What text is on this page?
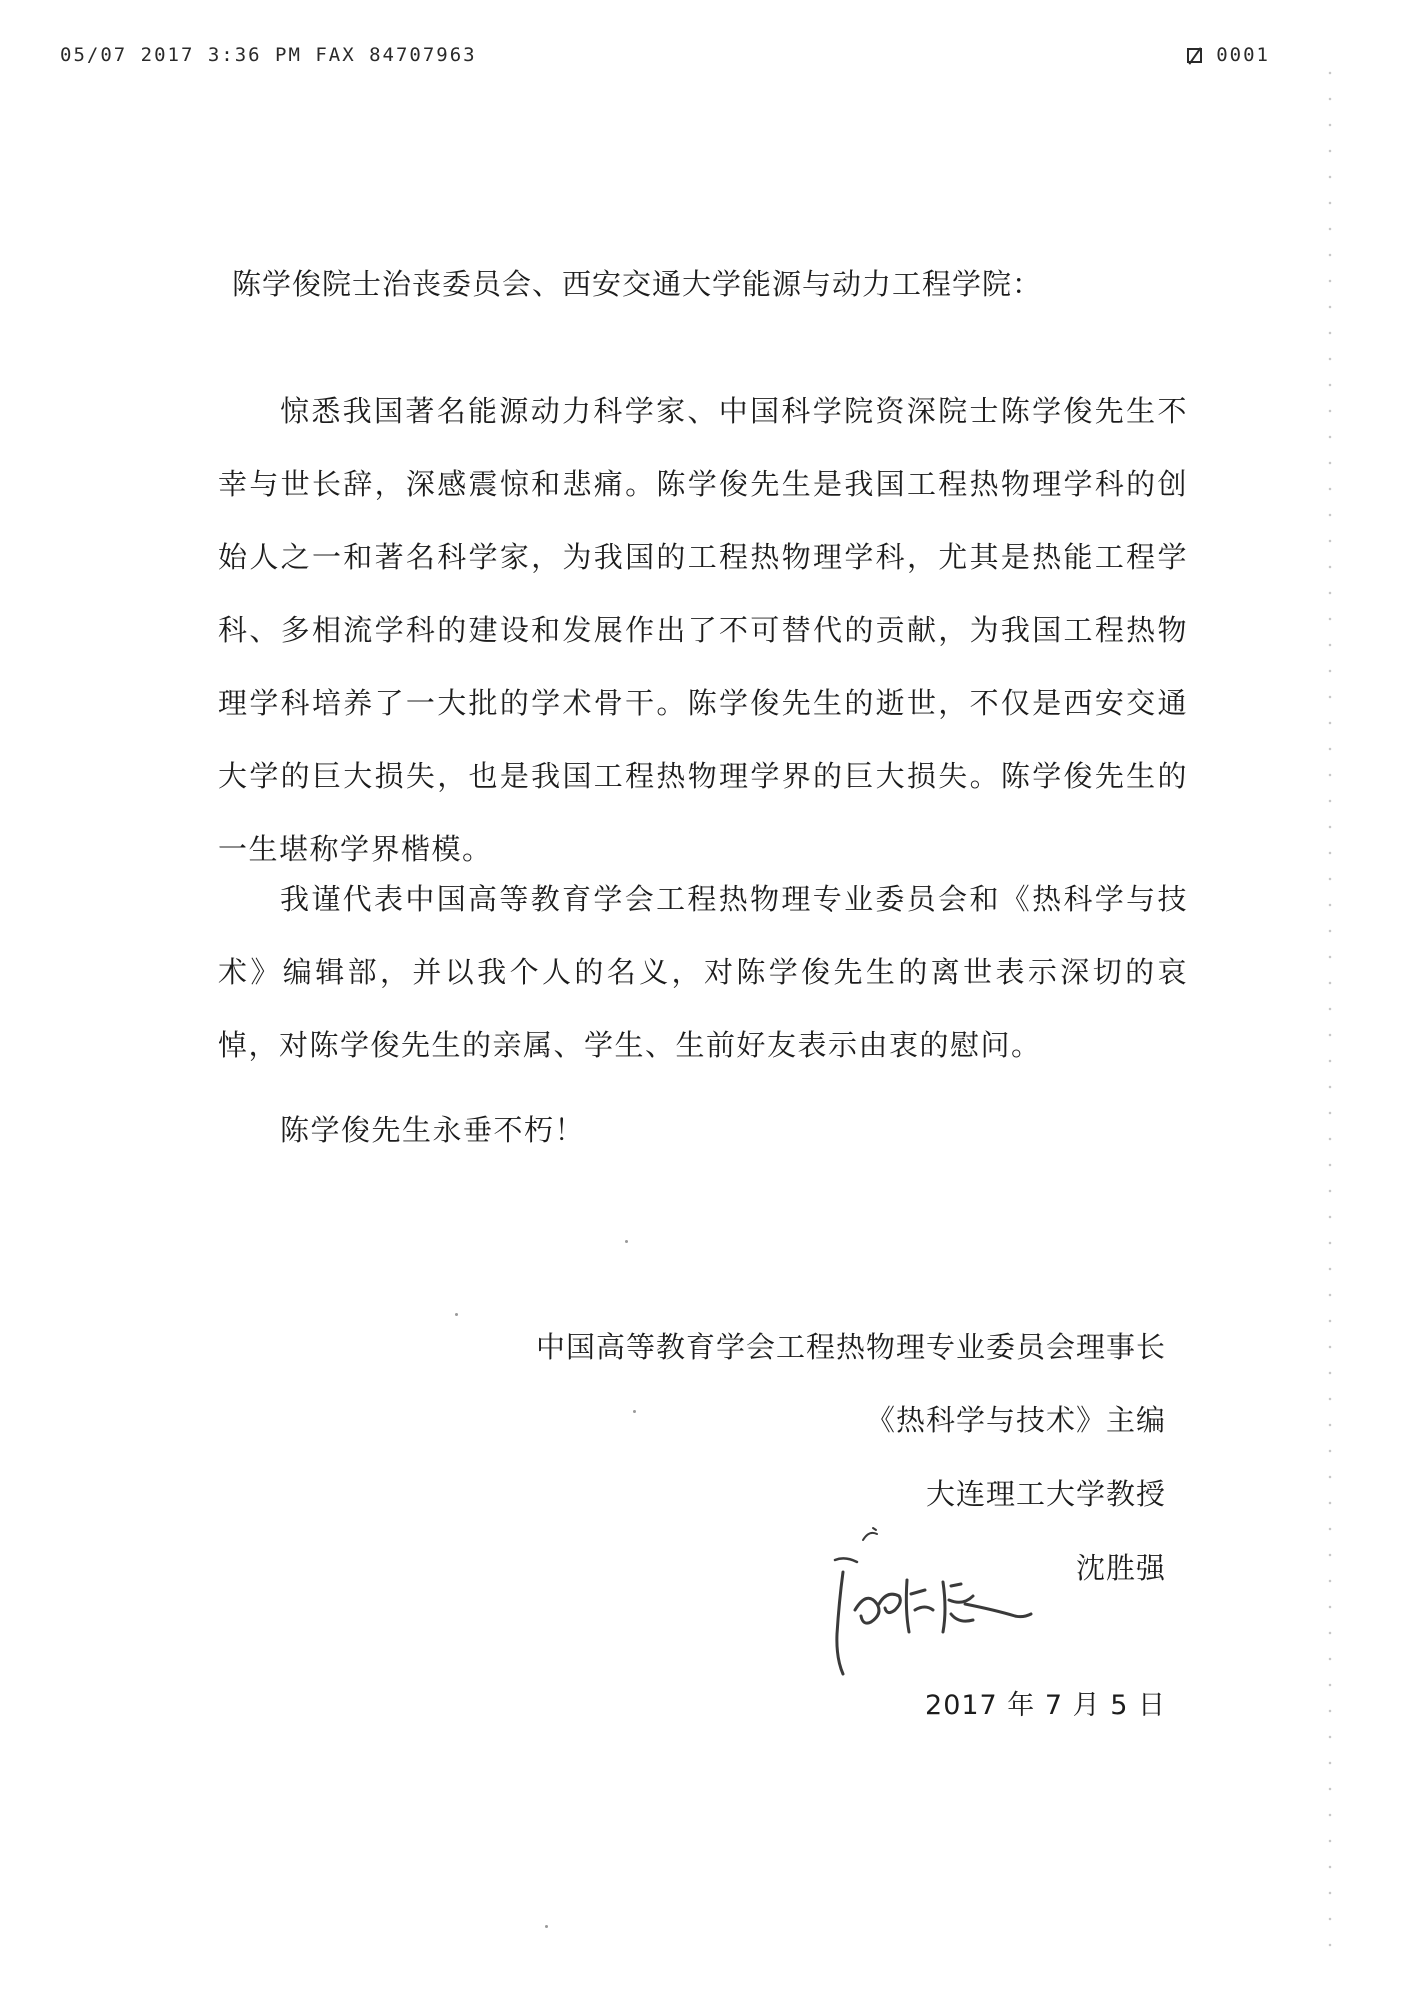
05/07 2017 3:36 PM FAX 84707963	0001
陈学俊院士治丧委员会、西安交通大学能源与动力工程学院：

惊悉我国著名能源动力科学家、中国科学院资深院士陈学俊先生不幸与世长辞，深感震惊和悲痛。陈学俊先生是我国工程热物理学科的创始人之一和著名科学家，为我国的工程热物理学科，尤其是热能工程学科、多相流学科的建设和发展作出了不可替代的贡献，为我国工程热物理学科培养了一大批的学术骨干。陈学俊先生的逝世，不仅是西安交通大学的巨大损失，也是我国工程热物理学界的巨大损失。陈学俊先生的一生堪称学界楷模。

我谨代表中国高等教育学会工程热物理专业委员会和《热科学与技术》编辑部，并以我个人的名义，对陈学俊先生的离世表示深切的哀悼，对陈学俊先生的亲属、学生、生前好友表示由衷的慰问。

陈学俊先生永垂不朽！
中国高等教育学会工程热物理专业委员会理事长
《热科学与技术》主编
大连理工大学教授
沈胜强
2017 年 7 月 5 日
